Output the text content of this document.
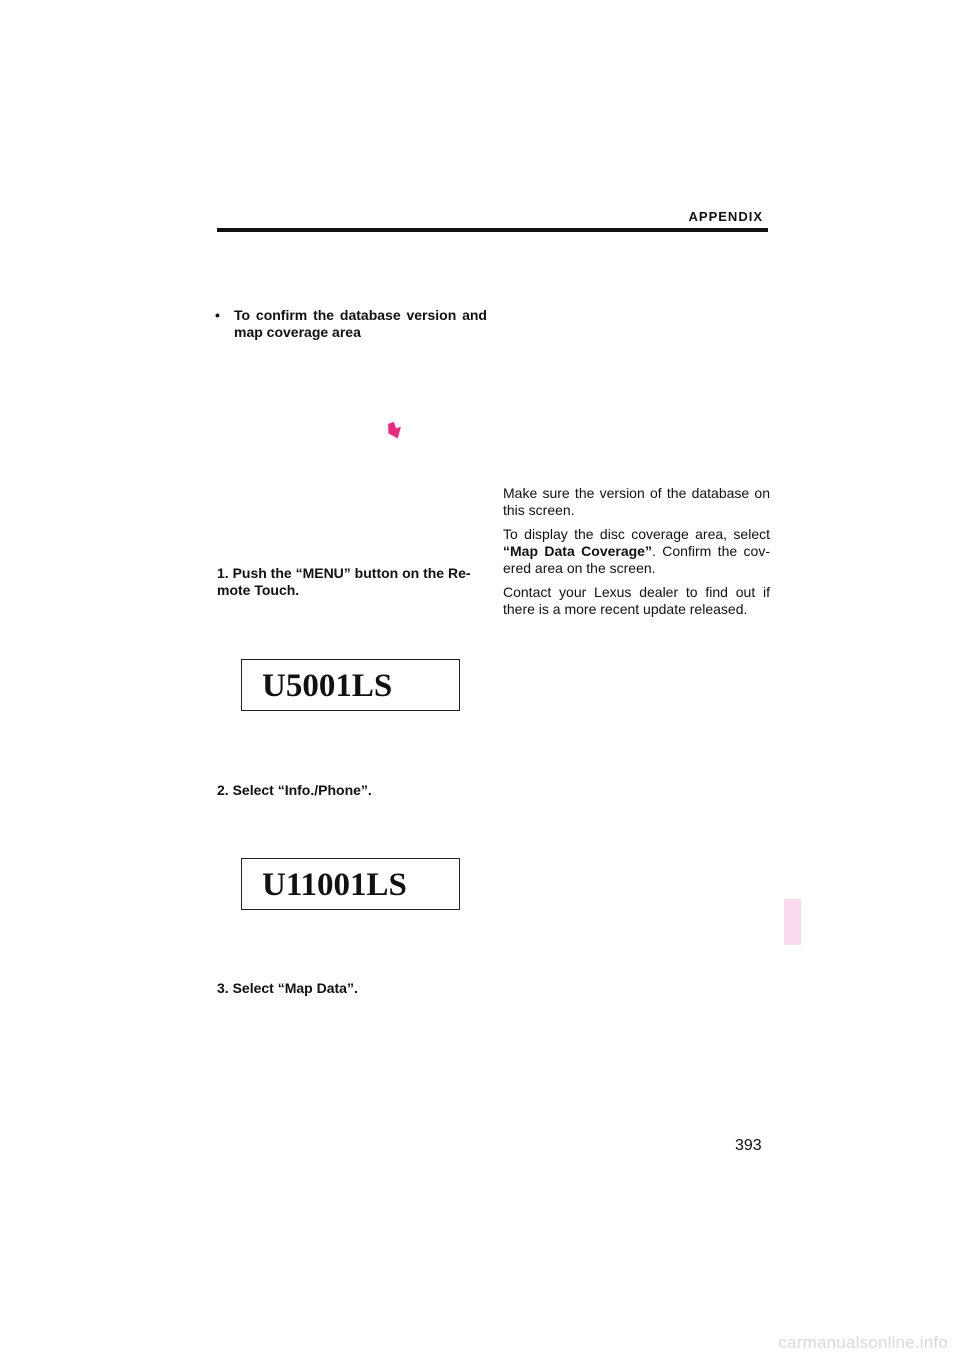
APPENDIX
• To confirm the database version and map coverage area
1. Push the “MENU” button on the Re- mote Touch.
U5001LS
2. Select “Info./Phone”.
U11001LS
3. Select “Map Data”.

Make sure the version of the database on this screen.

To display the disc coverage area, select “Map Data Coverage”. Confirm the cov- ered area on the screen.

Contact your Lexus dealer to find out if there is a more recent update released.

393
carmanualsonline.info
